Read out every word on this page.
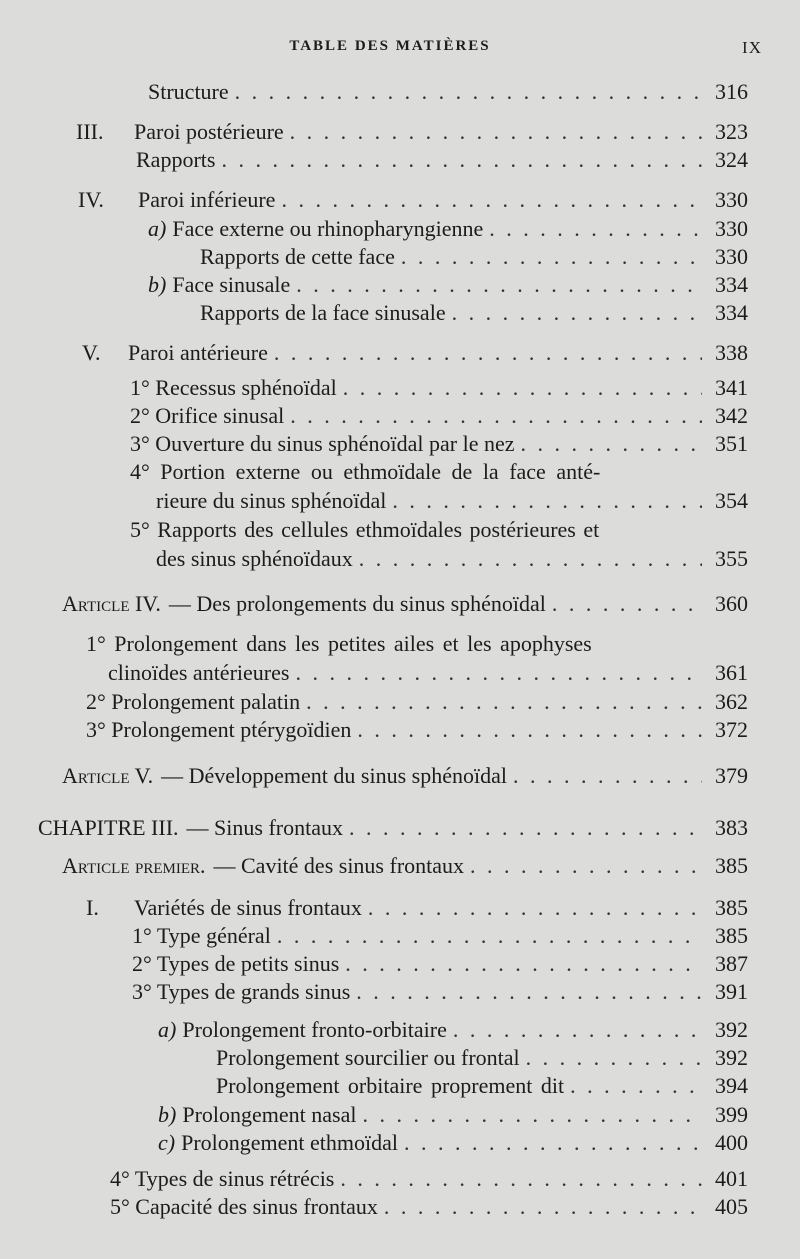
TABLE DES MATIÈRES	IX
Structure . . .	316
III.	Paroi postérieure . . .	323
Rapports . . .	324
IV.	Paroi inférieure . . .	330
a) Face externe ou rhinopharyngienne . . .	330
Rapports de cette face . . .	330
b) Face sinusale . . .	334
Rapports de la face sinusale . . .	334
V.	Paroi antérieure . . .	338
1° Recessus sphénoïdal . . .	341
2° Orifice sinusal . . .	342
3° Ouverture du sinus sphénoïdal par le nez . . .	351
4° Portion externe ou ethmoïdale de la face anté-
rieure du sinus sphénoïdal . . .	354
5° Rapports des cellules ethmoïdales postérieures et
des sinus sphénoïdaux . . .	355
Article IV. — Des prolongements du sinus sphénoïdal . . .	360
1° Prolongement dans les petites ailes et les apophyses
clinoïdes antérieures . . .	361
2° Prolongement palatin . . .	362
3° Prolongement ptérygoïdien . . .	372
Article V. — Développement du sinus sphénoïdal . . .	379
CHAPITRE III. — Sinus frontaux . . .	383
Article premier. — Cavité des sinus frontaux . . .	385
I.	Variétés de sinus frontaux . . .	385
1° Type général . . .	385
2° Types de petits sinus . . .	387
3° Types de grands sinus . . .	391
a) Prolongement fronto-orbitaire . . .	392
Prolongement sourcilier ou frontal . . .	392
Prolongement orbitaire proprement dit . . .	394
b) Prolongement nasal . . .	399
c) Prolongement ethmoïdal . . .	400
4° Types de sinus rétrécis . . .	401
5° Capacité des sinus frontaux . . .	405
